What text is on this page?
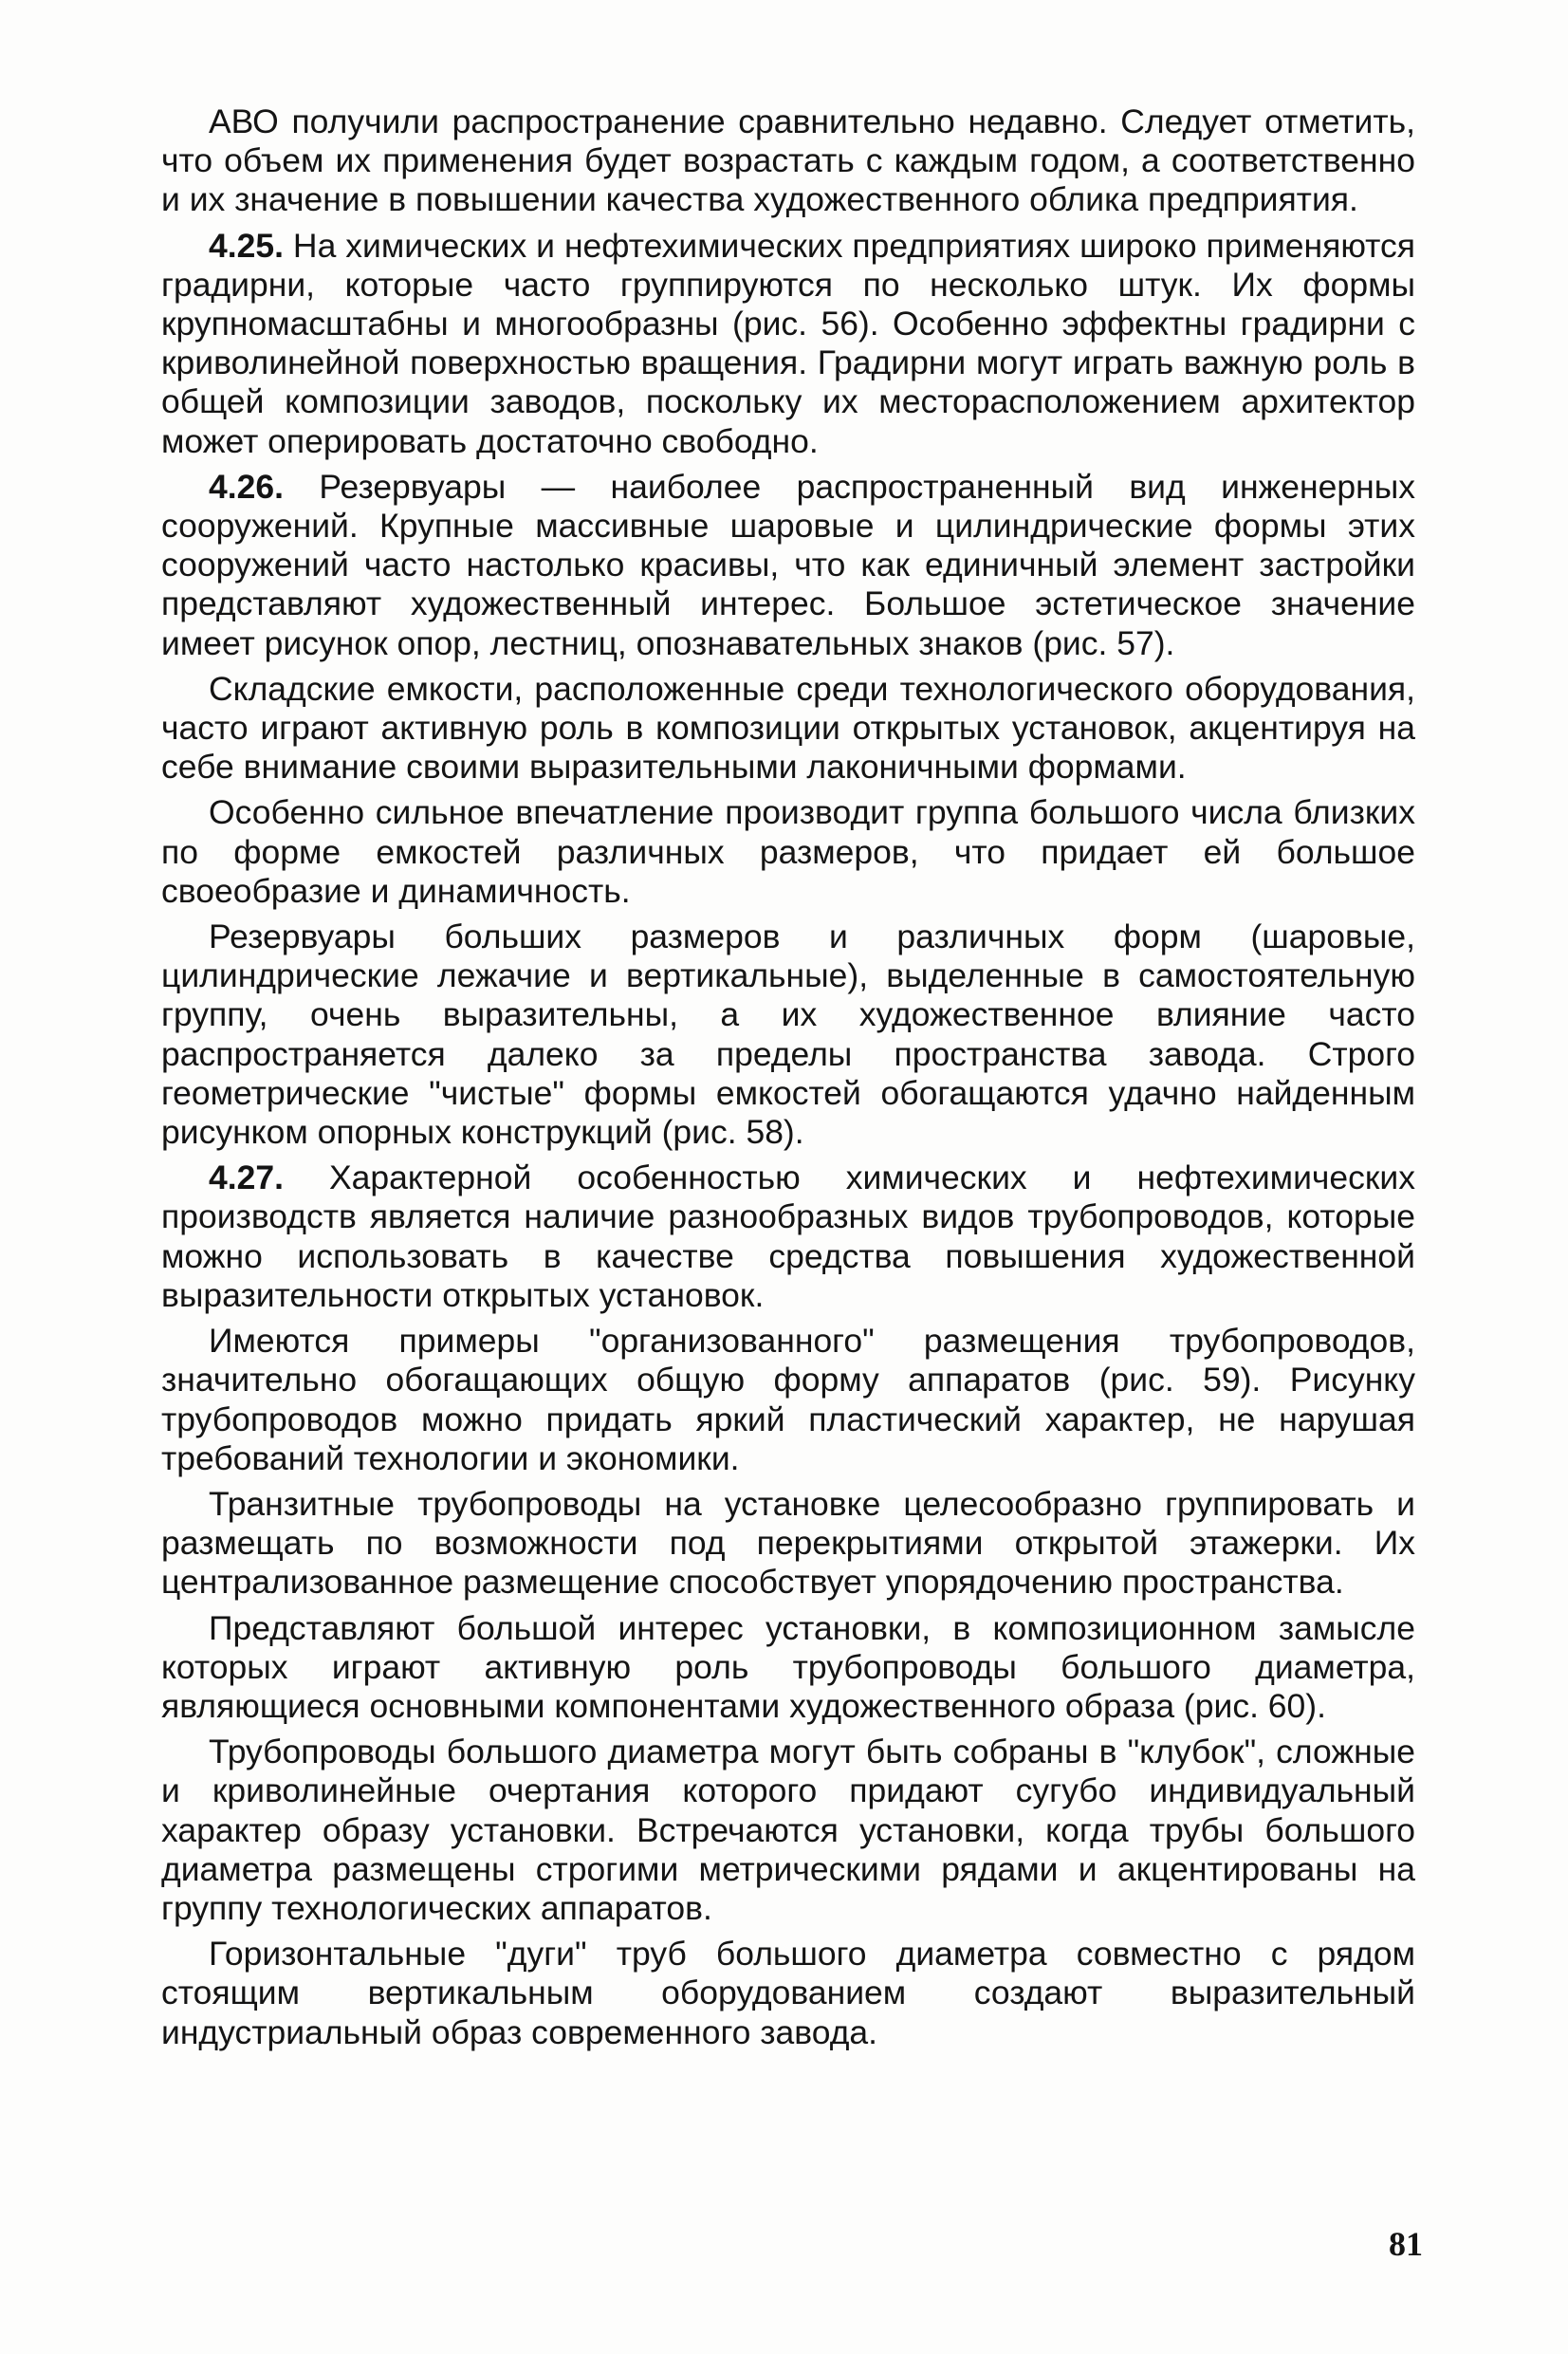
АВО получили распространение сравнительно недавно. Следует отметить, что объем их применения будет возрастать с каждым годом, а соответственно и их значение в повышении качества художественного облика предприятия.

4.25. На химических и нефтехимических предприятиях широко применяются градирни, которые часто группируются по несколько штук. Их формы крупномасштабны и многообразны (рис. 56). Особенно эффектны градирни с криволинейной поверхностью вращения. Градирни могут играть важную роль в общей композиции заводов, поскольку их месторасположением архитектор может оперировать достаточно свободно.

4.26. Резервуары — наиболее распространенный вид инженерных сооружений. Крупные массивные шаровые и цилиндрические формы этих сооружений часто настолько красивы, что как единичный элемент застройки представляют художественный интерес. Большое эстетическое значение имеет рисунок опор, лестниц, опознавательных знаков (рис. 57).

Складские емкости, расположенные среди технологического оборудования, часто играют активную роль в композиции открытых установок, акцентируя на себе внимание своими выразительными лаконичными формами.

Особенно сильное впечатление производит группа большого числа близких по форме емкостей различных размеров, что придает ей большое своеобразие и динамичность.

Резервуары больших размеров и различных форм (шаровые, цилиндрические лежачие и вертикальные), выделенные в самостоятельную группу, очень выразительны, а их художественное влияние часто распространяется далеко за пределы пространства завода. Строго геометрические "чистые" формы емкостей обогащаются удачно найденным рисунком опорных конструкций (рис. 58).

4.27. Характерной особенностью химических и нефтехимических производств является наличие разнообразных видов трубопроводов, которые можно использовать в качестве средства повышения художественной выразительности открытых установок.

Имеются примеры "организованного" размещения трубопроводов, значительно обогащающих общую форму аппаратов (рис. 59). Рисунку трубопроводов можно придать яркий пластический характер, не нарушая требований технологии и экономики.

Транзитные трубопроводы на установке целесообразно группировать и размещать по возможности под перекрытиями открытой этажерки. Их централизованное размещение способствует упорядочению пространства.

Представляют большой интерес установки, в композиционном замысле которых играют активную роль трубопроводы большого диаметра, являющиеся основными компонентами художественного образа (рис. 60).

Трубопроводы большого диаметра могут быть собраны в "клубок", сложные и криволинейные очертания которого придают сугубо индивидуальный характер образу установки. Встречаются установки, когда трубы большого диаметра размещены строгими метрическими рядами и акцентированы на группу технологических аппаратов.

Горизонтальные "дуги" труб большого диаметра совместно с рядом стоящим вертикальным оборудованием создают выразительный индустриальный образ современного завода.

81
